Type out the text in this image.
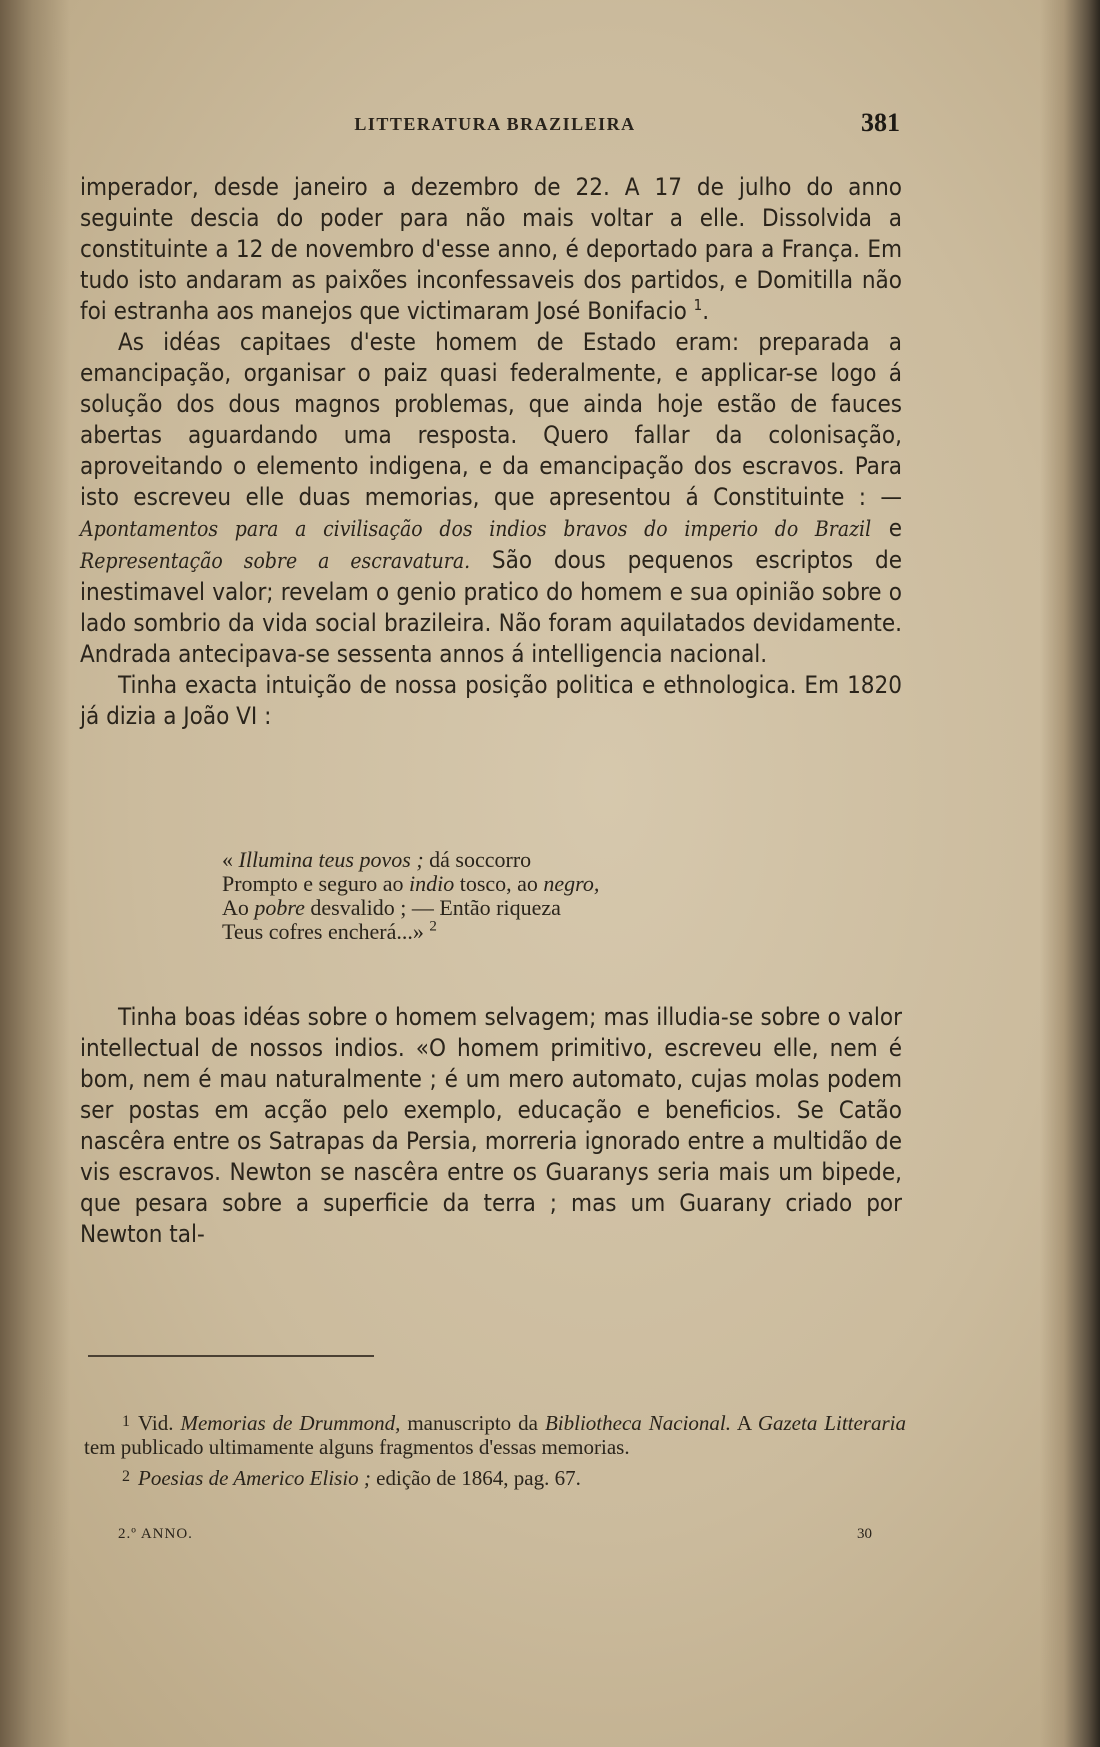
LITTERATURA BRAZILEIRA	381

imperador, desde janeiro a dezembro de 22. A 17 de julho do anno seguinte descia do poder para não mais voltar a elle. Dissolvida a constituinte a 12 de novembro d'esse anno, é deportado para a França. Em tudo isto andaram as paixões inconfessaveis dos partidos, e Domitilla não foi estranha aos manejos que victimaram José Bonifacio $^1$.

As idéas capitaes d'este homem de Estado eram: preparada a emancipação, organisar o paiz quasi federalmente, e applicar-se logo á solução dos dous magnos problemas, que ainda hoje estão de fauces abertas aguardando uma resposta. Quero fallar da colonisação, aproveitando o elemento indigena, e da emancipação dos escravos. Para isto escreveu elle duas memorias, que apresentou á Constituinte : — Apontamentos para a civilisação dos indios bravos do imperio do Brazil e Representação sobre a escravatura. São dous pequenos escriptos de inestimavel valor; revelam o genio pratico do homem e sua opinião sobre o lado sombrio da vida social brazileira. Não foram aquilatados devidamente. Andrada antecipava-se sessenta annos á intelligencia nacional.

Tinha exacta intuição de nossa posição politica e ethnologica. Em 1820 já dizia a João VI :

« Illumina teus povos ; dá soccorro
Prompto e seguro ao indio tosco, ao negro,
Ao pobre desvalido ; — Então riqueza
Teus cofres encherá...» $^2$

Tinha boas idéas sobre o homem selvagem; mas illudia-se sobre o valor intellectual de nossos indios. «O homem primitivo, escreveu elle, nem é bom, nem é mau naturalmente ; é um mero automato, cujas molas podem ser postas em acção pelo exemplo, educação e beneficios. Se Catão nascêra entre os Satrapas da Persia, morreria ignorado entre a multidão de vis escravos. Newton se nascêra entre os Guaranys seria mais um bipede, que pesara sobre a superficie da terra ; mas um Guarany criado por Newton tal-

1 Vid. Memorias de Drummond, manuscripto da Bibliotheca Nacional. A Gazeta Litteraria tem publicado ultimamente alguns fragmentos d'essas memorias.

2 Poesias de Americo Elisio ; edição de 1864, pag. 67.

2.º ANNO.	30
